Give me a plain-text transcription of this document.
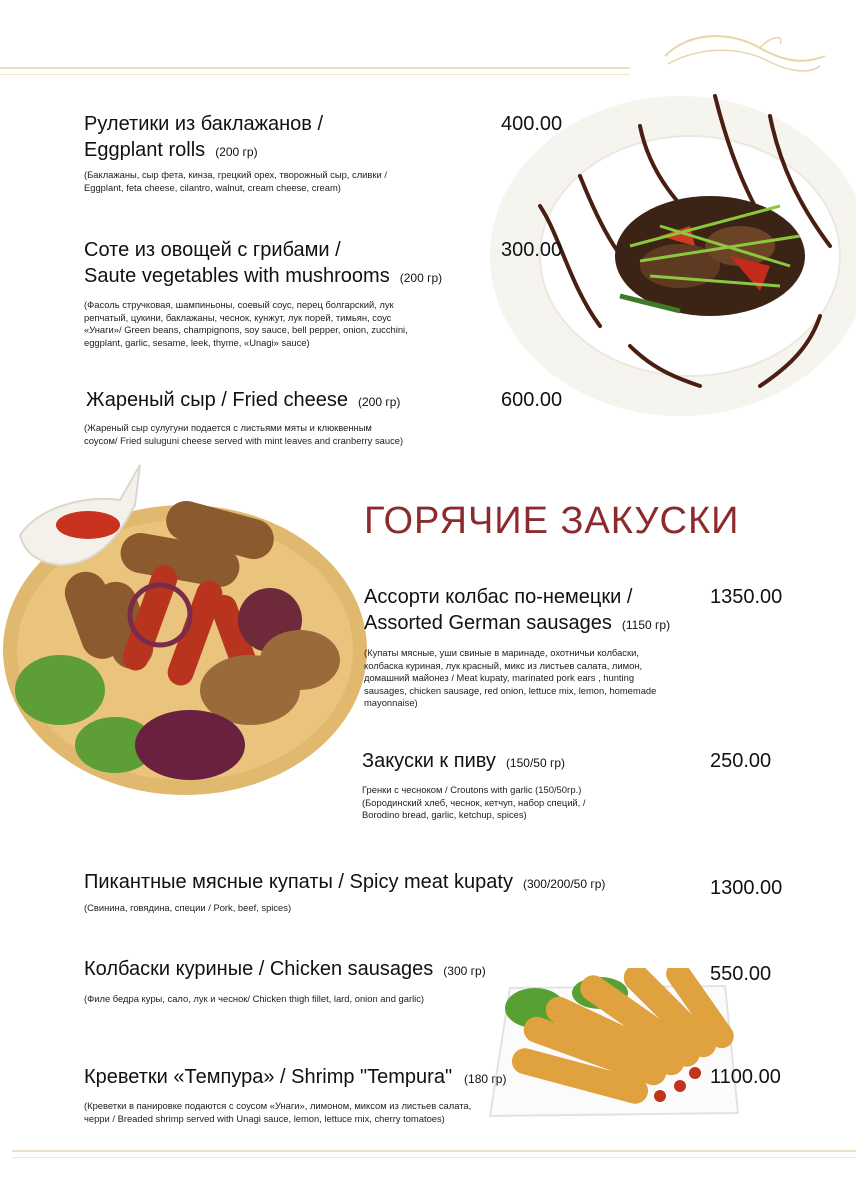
Рулетики из баклажанов /
Eggplant rolls (200 гр)
400.00
(Баклажаны, сыр фета, кинза, грецкий орех, творожный сыр, сливки /
Eggplant, feta cheese, cilantro, walnut, cream cheese, cream)
Соте из овощей с грибами /
Saute vegetables with mushrooms (200 гр)
300.00
(Фасоль стручковая, шампиньоны, соевый соус, перец болгарский, лук
репчатый, цукини, баклажаны, чеснок, кунжут, лук порей, тимьян, соус
«Унаги»/ Green beans, champignons, soy sauce, bell pepper, onion, zucchini,
eggplant, garlic, sesame, leek, thyme, «Unagi» sauce)
Жареный сыр / Fried cheese (200 гр)	600.00
(Жареный сыр сулугуни подается с листьями мяты и клюквенным
соусом/ Fried suluguni cheese served with mint leaves and cranberry sauce)
ГОРЯЧИЕ ЗАКУСКИ
Ассорти колбас по-немецки /
Assorted German sausages (1150 гр)
1350.00
(Купаты мясные, уши свиные в маринаде, охотничьи колбаски,
колбаска куриная, лук красный, микс из листьев салата, лимон,
домашний майонез / Meat kupaty, marinated pork ears , hunting
sausages, chicken sausage, red onion, lettuce mix, lemon, homemade
mayonnaise)
Закуски к пиву (150/50 гр)	250.00
Гренки с чесноком / Croutons with garlic (150/50гр.)
(Бородинский хлеб, чеснок, кетчуп, набор специй, /
Borodino bread, garlic, ketchup, spices)
Пикантные мясные купаты / Spicy meat kupaty (300/200/50 гр)	1300.00
(Свинина, говядина, специи / Pork, beef, spices)
Колбаски куриные / Chicken sausages (300 гр)	550.00
(Филе бедра куры, сало, лук и чеснок/ Chicken thigh fillet, lard, onion and garlic)
Креветки «Темпура» / Shrimp "Tempura" (180 гр)	1100.00
(Креветки в панировке подаются с соусом «Унаги», лимоном, миксом из листьев салата,
черри / Breaded shrimp served with Unagi sauce, lemon, lettuce mix, cherry tomatoes)
